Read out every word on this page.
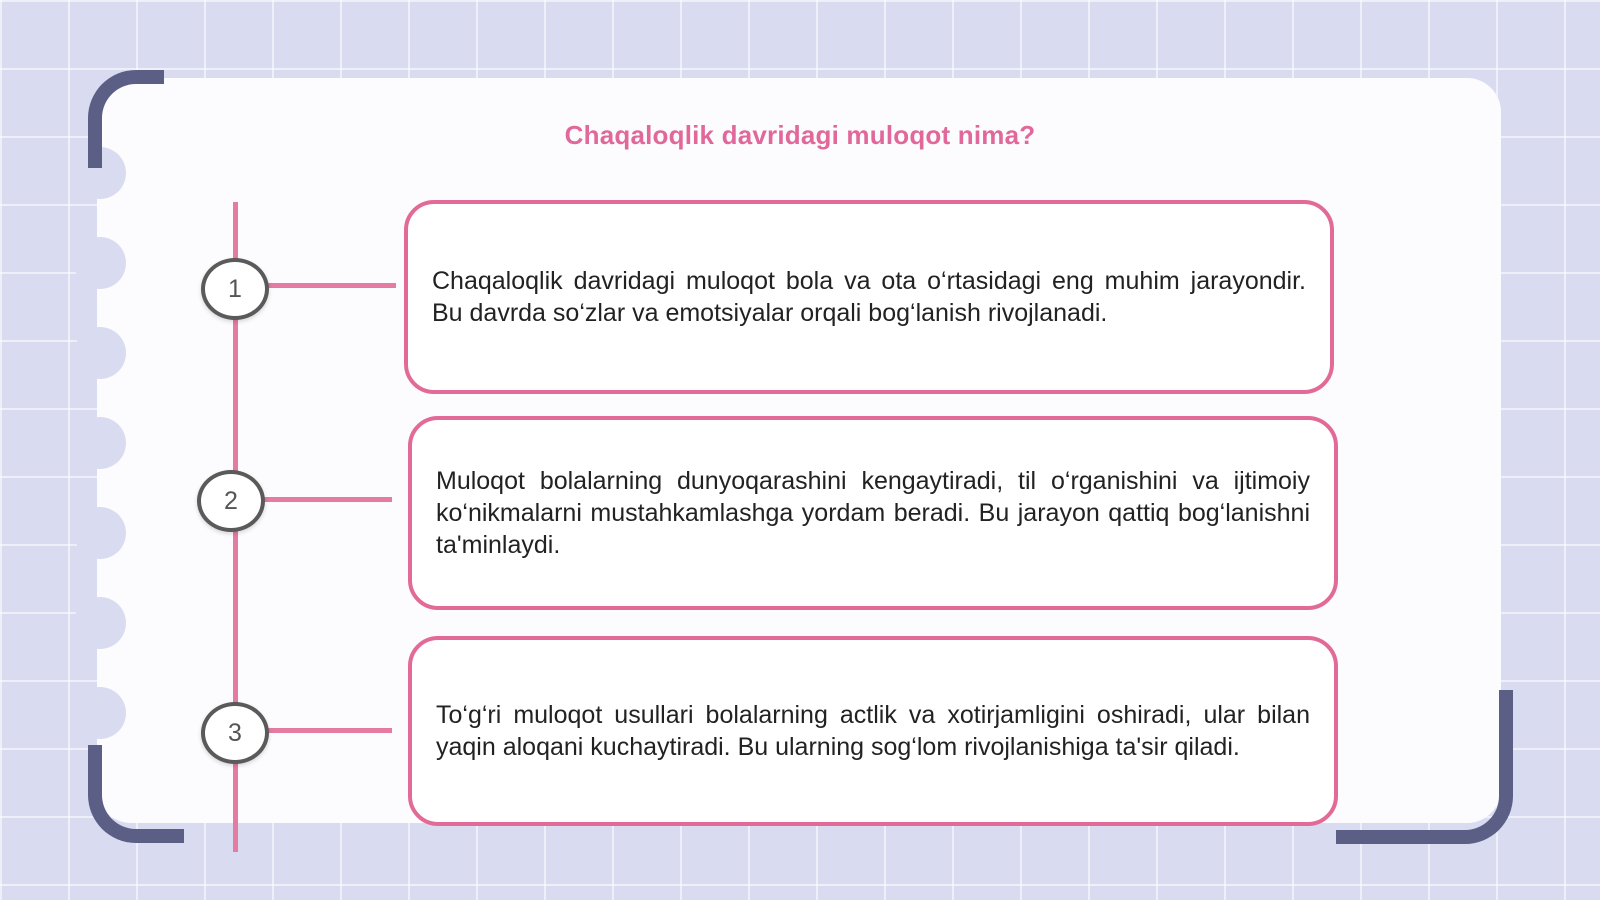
Chaqaloqlik davridagi muloqot nima?
1	Chaqaloqlik davridagi muloqot bola va ota o‘rtasidagi eng muhim jarayondir. Bu davrda so‘zlar va emotsiyalar orqali bog‘lanish rivojlanadi.
2
Muloqot bolalarning dunyoqarashini kengaytiradi, til o‘rganishini va ijtimoiy ko‘nikmalarni mustahkamlashga yordam beradi. Bu jarayon qattiq bog‘lanishni ta'minlaydi.
3
To‘g‘ri muloqot usullari bolalarning actlik va xotirjamligini oshiradi, ular bilan yaqin aloqani kuchaytiradi. Bu ularning sog‘lom rivojlanishiga ta'sir qiladi.
